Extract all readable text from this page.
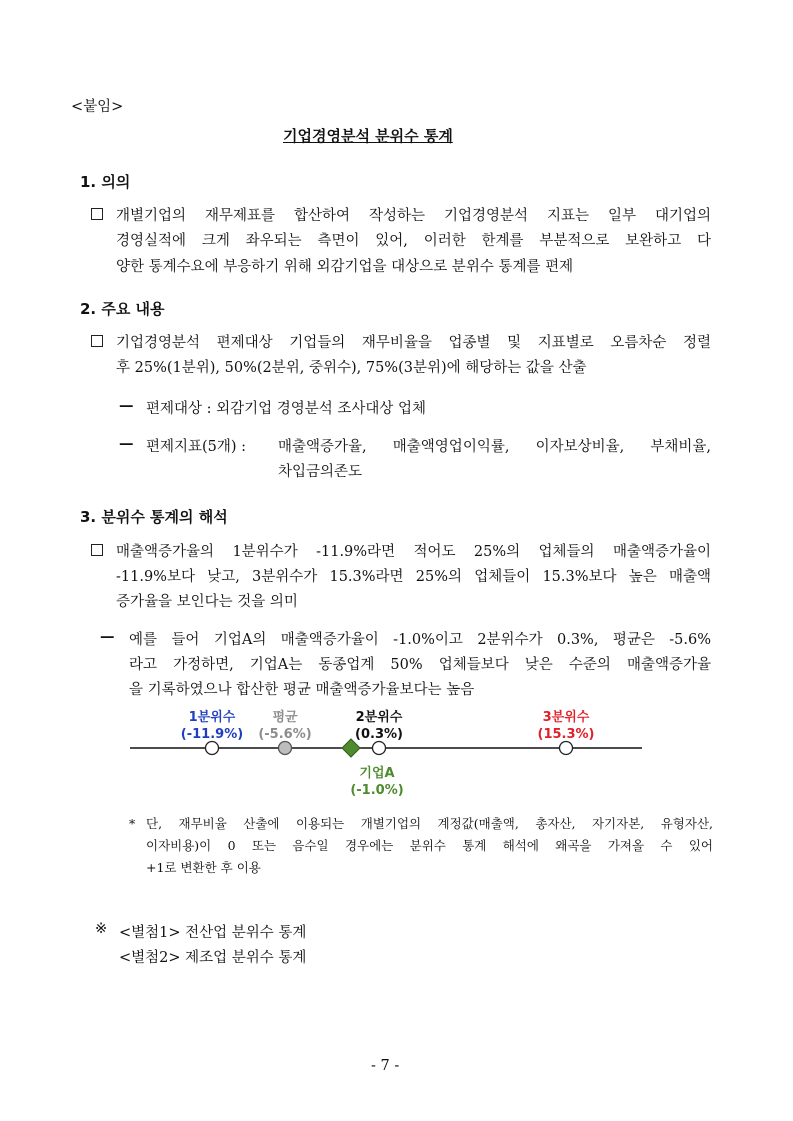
<붙임>
기업경영분석 분위수 통계
1. 의의
개별기업의 재무제표를 합산하여 작성하는 기업경영분석 지표는 일부 대기업의
경영실적에 크게 좌우되는 측면이 있어, 이러한 한계를 부분적으로 보완하고 다
양한 통계수요에 부응하기 위해 외감기업을 대상으로 분위수 통계를 편제
2. 주요 내용
기업경영분석 편제대상 기업들의 재무비율을 업종별 및 지표별로 오름차순 정렬
후 25%(1분위), 50%(2분위, 중위수), 75%(3분위)에 해당하는 값을 산출
— 편제대상 : 외감기업 경영분석 조사대상 업체
— 편제지표(5개) : 매출액증가율, 매출액영업이익률, 이자보상비율, 부채비율,
차입금의존도
3. 분위수 통계의 해석
매출액증가율의 1분위수가 -11.9%라면 적어도 25%의 업체들의 매출액증가율이
-11.9%보다 낮고, 3분위수가 15.3%라면 25%의 업체들이 15.3%보다 높은 매출액
증가율을 보인다는 것을 의미
— 예를 들어 기업A의 매출액증가율이 -1.0%이고 2분위수가 0.3%, 평균은 -5.6%
라고 가정하면, 기업A는 동종업계 50% 업체들보다 낮은 수준의 매출액증가율
을 기록하였으나 합산한 평균 매출액증가율보다는 높음
1분위수
(-11.9%)
평균
(-5.6%)
2분위수
(0.3%)
3분위수
(15.3%)
기업A
(-1.0%)
* 단, 재무비율 산출에 이용되는 개별기업의 계정값(매출액, 총자산, 자기자본, 유형자산,
이자비용)이 0 또는 음수일 경우에는 분위수 통계 해석에 왜곡을 가져올 수 있어
+1로 변환한 후 이용
※ <별첨1> 전산업 분위수 통계
<별첨2> 제조업 분위수 통계
- 7 -
